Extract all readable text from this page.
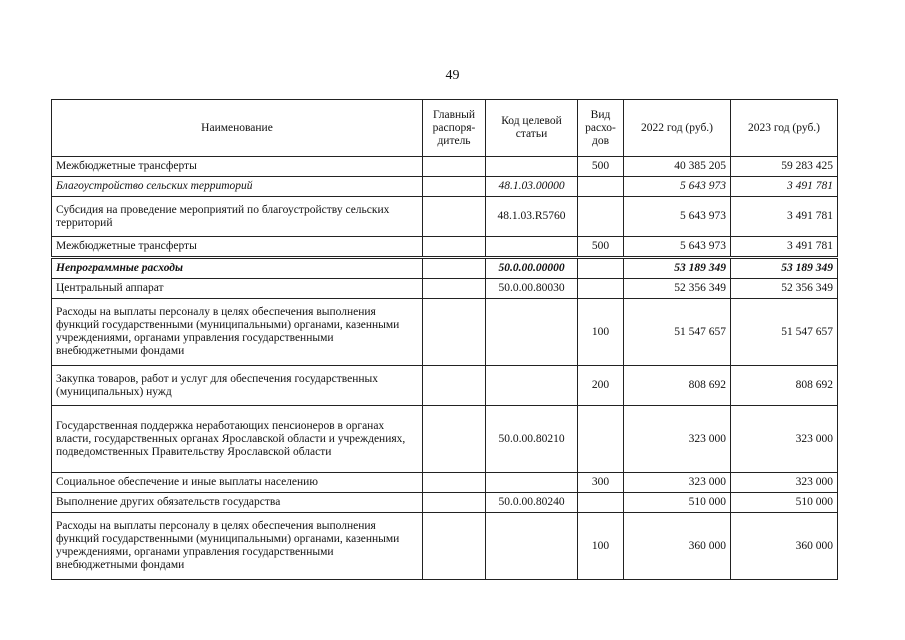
49
Наименование	Главный распоря-дитель	Код целевой статьи	Вид расхо-дов	2022 год (руб.)	2023 год (руб.)
Межбюджетные трансферты			500	40 385 205	59 283 425
Благоустройство сельских территорий		48.1.03.00000		5 643 973	3 491 781
Субсидия на проведение мероприятий по благоустройству сельских территорий		48.1.03.R5760		5 643 973	3 491 781
Межбюджетные трансферты			500	5 643 973	3 491 781
Непрограммные расходы		50.0.00.00000		53 189 349	53 189 349
Центральный аппарат		50.0.00.80030		52 356 349	52 356 349
Расходы на выплаты персоналу в целях обеспечения выполнения функций государственными (муниципальными) органами, казенными учреждениями, органами управления государственными внебюджетными фондами			100	51 547 657	51 547 657
Закупка товаров, работ и услуг для обеспечения государственных (муниципальных) нужд			200	808 692	808 692
Государственная поддержка неработающих пенсионеров в органах власти, государственных органах Ярославской области и учреждениях, подведомственных Правительству Ярославской области		50.0.00.80210		323 000	323 000
Социальное обеспечение и иные выплаты населению			300	323 000	323 000
Выполнение других обязательств государства		50.0.00.80240		510 000	510 000
Расходы на выплаты персоналу в целях обеспечения выполнения функций государственными (муниципальными) органами, казенными учреждениями, органами управления государственными внебюджетными фондами			100	360 000	360 000
